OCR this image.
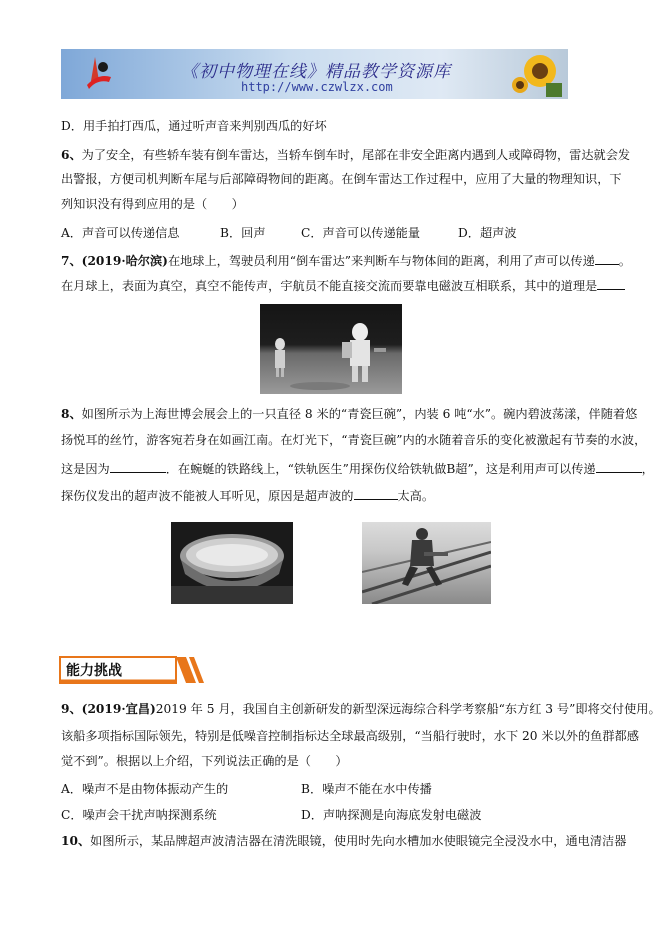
《初中物理在线》精品教学资源库
http://www.czwlzx.com
D．用手拍打西瓜，通过听声音来判别西瓜的好坏
6、为了安全，有些轿车装有倒车雷达，当轿车倒车时，尾部在非安全距离内遇到人或障碍物，雷达就会发
出警报，方便司机判断车尾与后部障碍物间的距离。在倒车雷达工作过程中，应用了大量的物理知识，下
列知识没有得到应用的是（　　）
A．声音可以传递信息	B．回声	C．声音可以传递能量	D．超声波
7、(2019·哈尔滨)在地球上，驾驶员利用“倒车雷达”来判断车与物体间的距离，利用了声可以传递 。
在月球上，表面为真空，真空不能传声，宇航员不能直接交流而要靠电磁波互相联系，其中的道理是
8、如图所示为上海世博会展会上的一只直径 8 米的“青瓷巨碗”，内装 6 吨“水”。碗内碧波荡漾，伴随着悠
扬悦耳的丝竹，游客宛若身在如画江南。在灯光下，“青瓷巨碗”内的水随着音乐的变化被激起有节奏的水波，
这是因为	．在蜿蜒的铁路线上，“铁轨医生”用探伤仪给铁轨做B超”，这是利用声可以传递	，
探伤仪发出的超声波不能被人耳听见，原因是超声波的	太高。
能力挑战
9、(2019·宜昌)2019 年 5 月，我国自主创新研发的新型深远海综合科学考察船“东方红 3 号”即将交付使用。
该船多项指标国际领先，特别是低噪音控制指标达全球最高级别，“当船行驶时，水下 20 米以外的鱼群都感
觉不到”。根据以上介绍，下列说法正确的是（　　）
A．噪声不是由物体振动产生的	B．噪声不能在水中传播
C．噪声会干扰声呐探测系统	D．声呐探测是向海底发射电磁波
10、如图所示，某品牌超声波清洁器在清洗眼镜，使用时先向水槽加水使眼镜完全浸没水中，通电清洁器
